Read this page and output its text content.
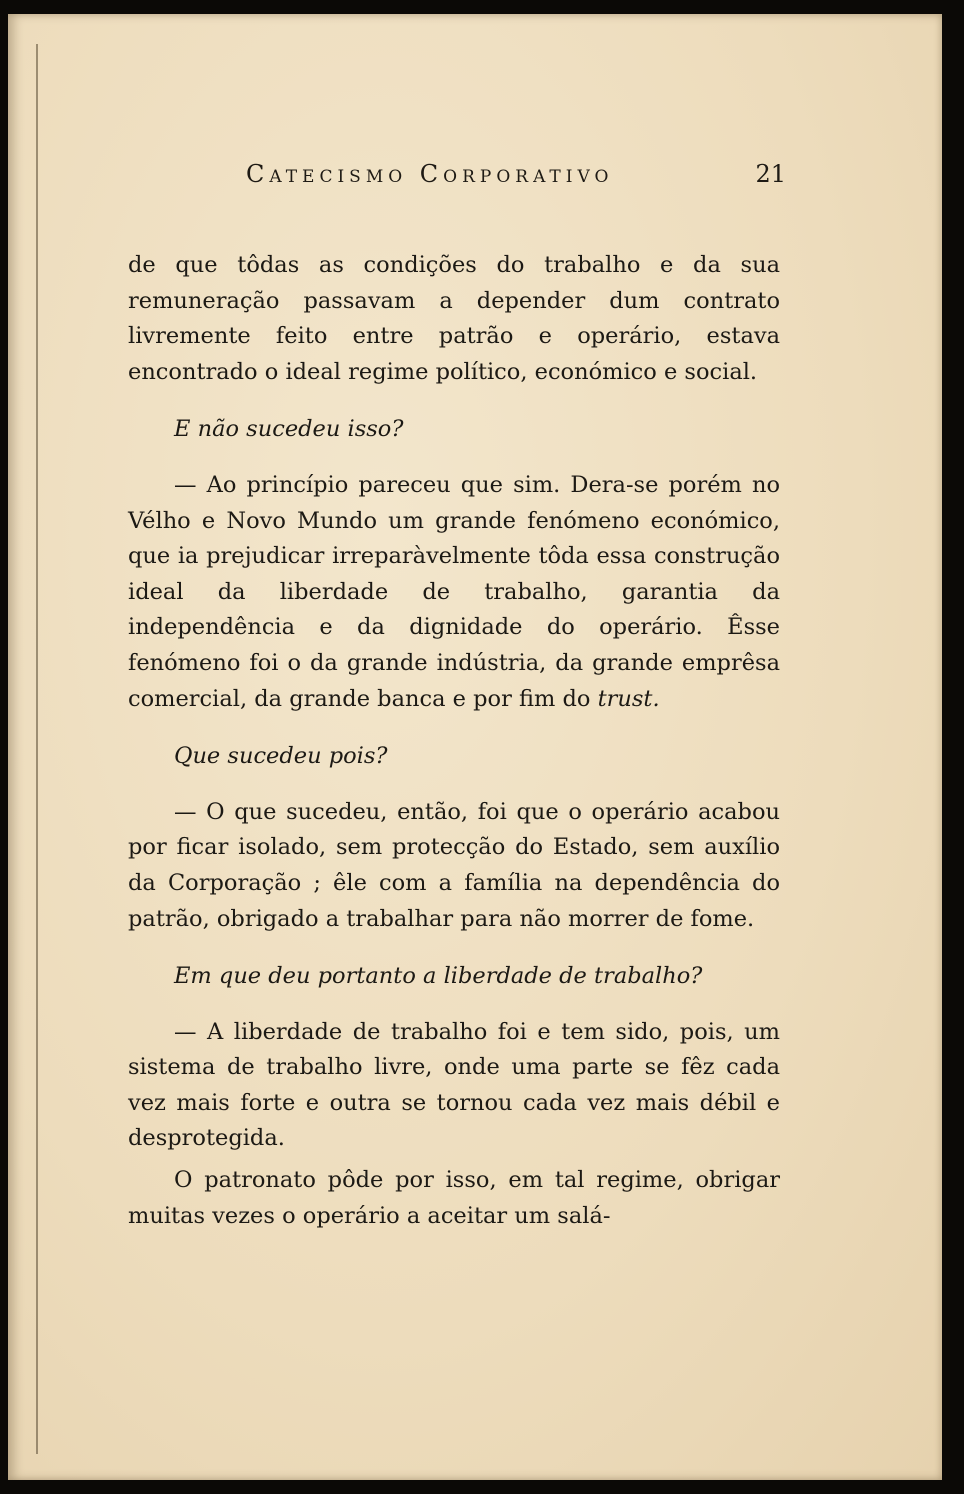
Catecismo Corporativo	21

de que tôdas as condições do trabalho e da sua remuneração passavam a depender dum contrato livremente feito entre patrão e operário, estava encontrado o ideal regime político, económico e social.

E não sucedeu isso?

— Ao princípio pareceu que sim. Dera-se porém no Vélho e Novo Mundo um grande fenómeno económico, que ia prejudicar irreparàvelmente tôda essa construção ideal da liberdade de trabalho, garantia da independência e da dignidade do operário. Êsse fenómeno foi o da grande indústria, da grande emprêsa comercial, da grande banca e por fim do trust.

Que sucedeu pois?

— O que sucedeu, então, foi que o operário acabou por ficar isolado, sem protecção do Estado, sem auxílio da Corporação ; êle com a família na dependência do patrão, obrigado a trabalhar para não morrer de fome.

Em que deu portanto a liberdade de trabalho?

— A liberdade de trabalho foi e tem sido, pois, um sistema de trabalho livre, onde uma parte se fêz cada vez mais forte e outra se tornou cada vez mais débil e desprotegida.

O patronato pôde por isso, em tal regime, obrigar muitas vezes o operário a aceitar um salá-
